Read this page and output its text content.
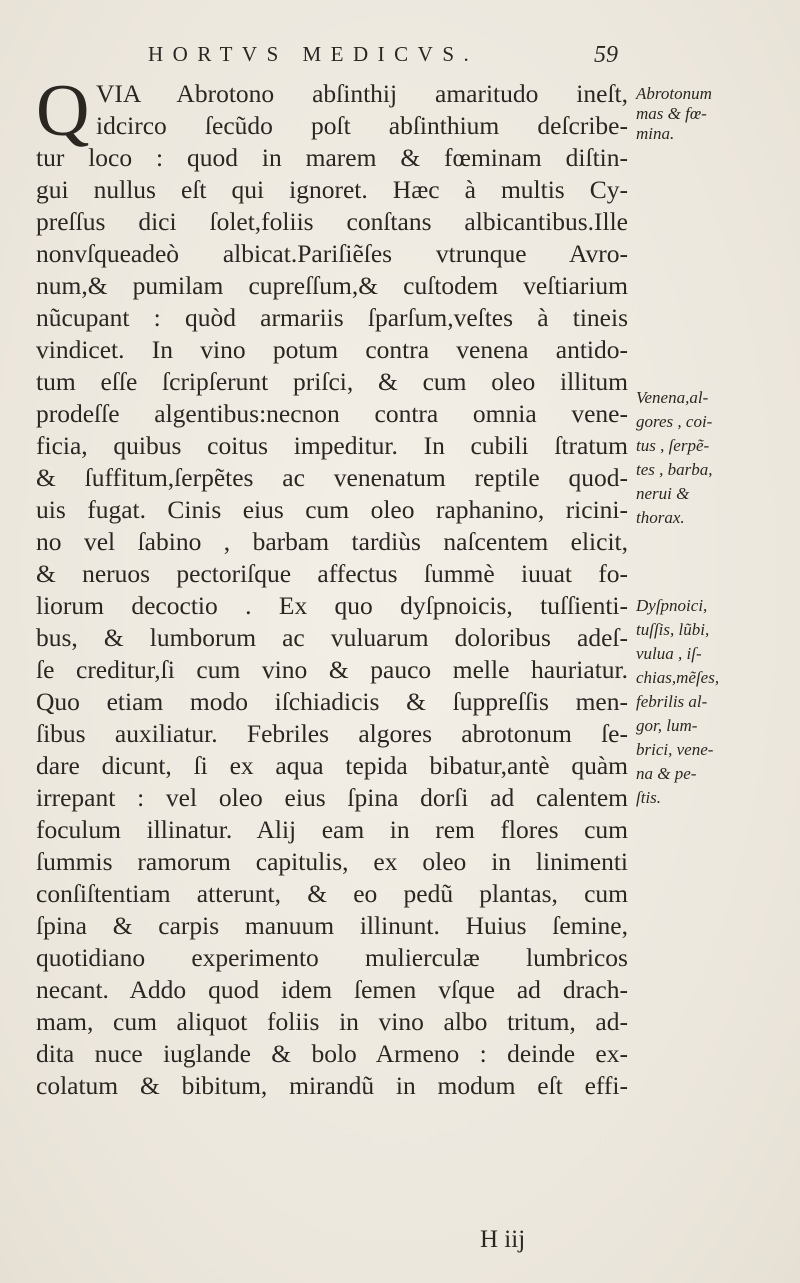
HORTVS MEDICVS.	59
Q VIA Abrotono abſinthij amaritudo ineſt,
idcirco ſecũdo poſt abſinthium deſcribe-
tur loco : quod in marem & fœminam diſtin-
gui nullus eſt qui ignoret. Hæc à multis Cy-
preſſus dici ſolet,foliis conſtans albicantibus.Ille
nonvſqueadeò albicat.Pariſiẽſes vtrunque Avro-
num,& pumilam cupreſſum,& cuſtodem veſtiarium
nũcupant : quòd armariis ſparſum,veſtes à tineis
vindicet. In vino potum contra venena antido-
tum eſſe ſcripſerunt priſci, & cum oleo illitum
prodeſſe algentibus:necnon contra omnia vene-
ficia, quibus coitus impeditur. In cubili ſtratum
& ſuffitum,ſerpẽtes ac venenatum reptile quod-
uis fugat. Cinis eius cum oleo raphanino, ricini-
no vel ſabino , barbam tardiùs naſcentem elicit,
& neruos pectoriſque affectus ſummè iuuat fo-
liorum decoctio . Ex quo dyſpnoicis, tuſſienti-
bus, & lumborum ac vuluarum doloribus adeſ-
ſe creditur,ſi cum vino & pauco melle hauriatur.
Quo etiam modo iſchiadicis & ſuppreſſis men-
ſibus auxiliatur. Febriles algores abrotonum ſe-
dare dicunt, ſi ex aqua tepida bibatur,antè quàm
irrepant : vel oleo eius ſpina dorſi ad calentem
foculum illinatur. Alij eam in rem flores cum
ſummis ramorum capitulis, ex oleo in linimenti
conſiſtentiam atterunt, & eo pedũ plantas, cum
ſpina & carpis manuum illinunt. Huius ſemine,
quotidiano experimento mulierculæ lumbricos
necant. Addo quod idem ſemen vſque ad drach-
mam, cum aliquot foliis in vino albo tritum, ad-
dita nuce iuglande & bolo Armeno : deinde ex-
colatum & bibitum, mirandũ in modum eſt effi-
Abrotonum
mas & fœ-
mina.
Venena,al-
gores , coi-
tus , ſerpẽ-
tes , barba,
nerui &
thorax.
Dyſpnoici,
tuſſis, lũbi,
vulua , iſ-
chias,mẽſes,
febrilis al-
gor, lum-
brici, vene-
na & pe-
ſtis.
H iij
